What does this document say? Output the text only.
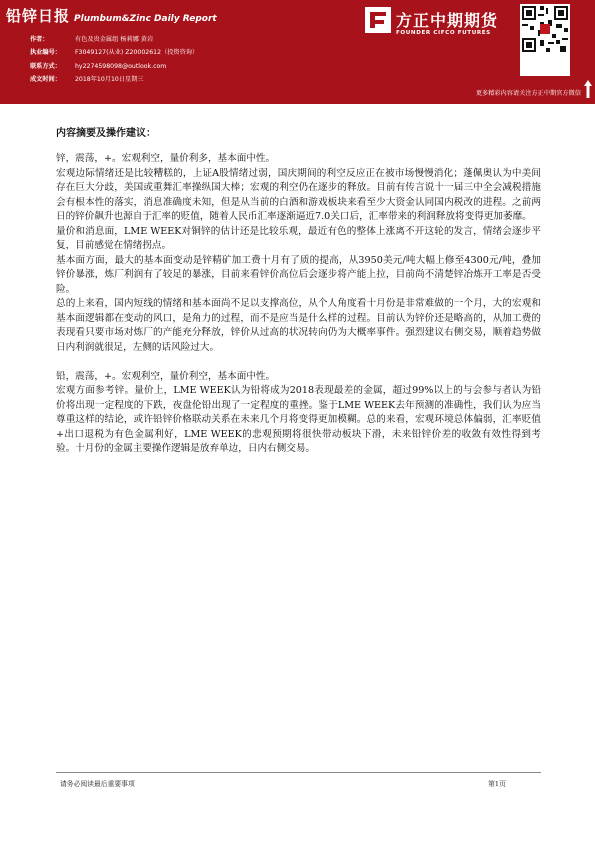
铅锌日报 Plumbum&Zinc Daily Report
作者：	有色及贵金属组 杨莉娜 黄岩
执业编号： F3049127(从业) Z20002612（投资咨询）
联系方式： hy2274598098@outlook.com
成文时间： 2018年10月10日星期三
方正中期期货
FOUNDER CIFCO FUTURES
更多精彩内容请关注方正中期官方微信
内容摘要及操作建议：

锌，震荡，+。宏观利空，量价利多，基本面中性。

宏观边际情绪还是比较糟糕的，上证A股情绪过弱，国庆期间的利空反应正在被市场慢慢消化；蓬佩奥认为中美间存在巨大分歧，美国或重舞汇率操纵国大棒；宏观的利空仍在逐步的释放。目前有传言说十一届三中全会减税措施会有根本性的落实，消息准确度未知，但是从当前的白酒和游戏板块来看至少大资金认同国内税改的进程。之前两日的锌价飙升也源自于汇率的贬值，随着人民币汇率逐渐逼近7.0关口后，汇率带来的利润释放将变得更加萎靡。

量价和消息面，LME WEEK对铜锌的估计还是比较乐观，最近有色的整体上涨离不开这轮的发言，情绪会逐步平复，目前感觉在情绪拐点。

基本面方面，最大的基本面变动是锌精矿加工费十月有了质的提高，从3950美元/吨大幅上修至4300元/吨，叠加锌价暴涨，炼厂利润有了较足的暴涨，目前来看锌价高位后会逐步将产能上拉，目前尚不清楚锌冶炼开工率是否受险。

总的上来看，国内短线的情绪和基本面尚不足以支撑高位，从个人角度看十月份是非常难做的一个月，大的宏观和基本面逻辑都在变动的风口，是角力的过程，而不是应当是什么样的过程。目前认为锌价还是略高的，从加工费的表现看只要市场对炼厂的产能充分释放，锌价从过高的状况转向仍为大概率事件。强烈建议右侧交易，顺着趋势做日内利润就很足，左侧的话风险过大。

铅，震荡，+。宏观利空，量价利空，基本面中性。

宏观方面参考锌。量价上，LME WEEK认为铅将成为2018表现最差的金属，超过99%以上的与会参与者认为铅价将出现一定程度的下跌，夜盘伦铅出现了一定程度的重挫。鉴于LME WEEK去年预测的准确性，我们认为应当尊重这样的结论，或许铅锌价格联动关系在未来几个月将变得更加模糊。总的来看，宏观环境总体偏弱，汇率贬值+出口退税为有色金属利好，LME WEEK的悲观预期将很快带动板块下滑，未来铅锌价差的收敛有效性得到考验。十月份的金属主要操作逻辑是放弃单边，日内右侧交易。

请务必阅读最后重要事项	第1页
